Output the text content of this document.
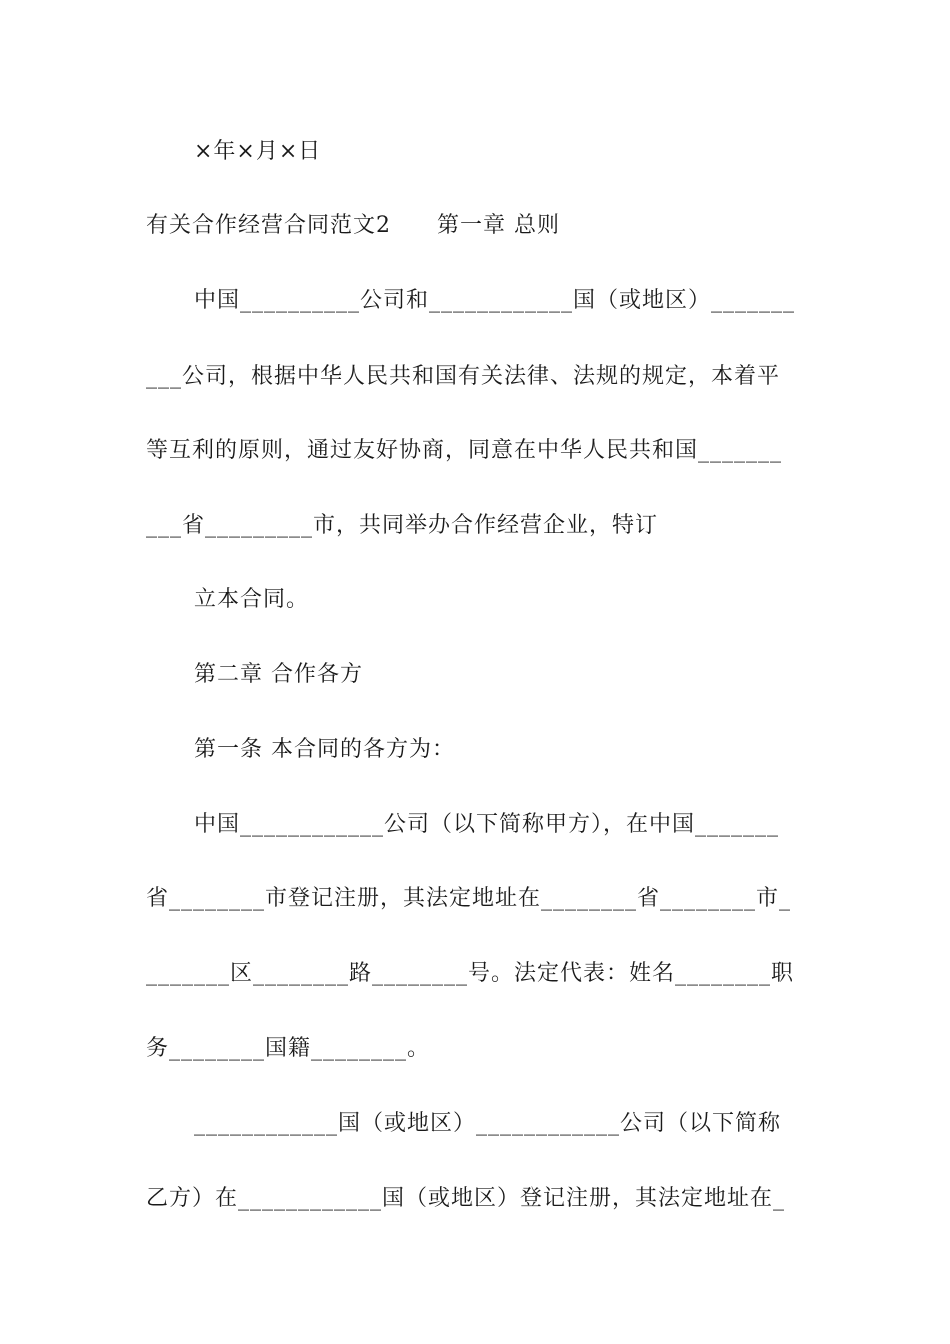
×年×月×日
有关合作经营合同范文2　　第一章 总则
中国__________公司和____________国（或地区）_______
___公司，根据中华人民共和国有关法律、法规的规定，本着平
等互利的原则，通过友好协商，同意在中华人民共和国_______
___省_________市，共同举办合作经营企业，特订
立本合同。
第二章 合作各方
第一条 本合同的各方为：
中国____________公司（以下简称甲方），在中国_______
省________市登记注册，其法定地址在________省________市_
_______区________路________号。法定代表：姓名________职
务________国籍________。
____________国（或地区）____________公司（以下简称
乙方）在____________国（或地区）登记注册，其法定地址在_
